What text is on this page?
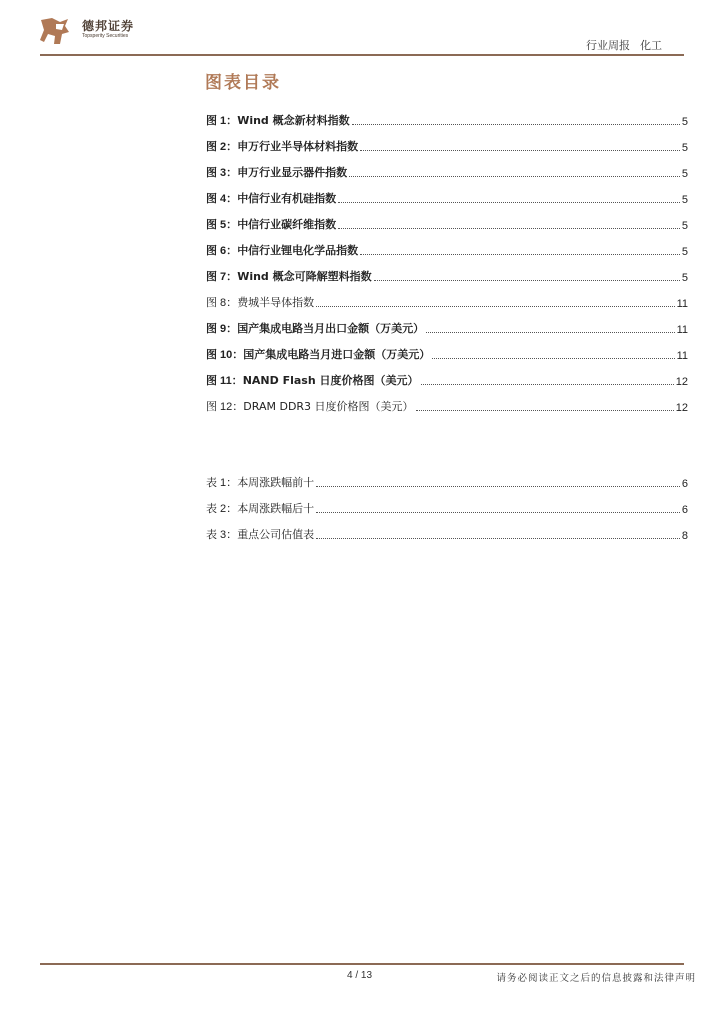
德邦证券
Topsperity Securities
行业周报 化工
图表目录
图 1： Wind 概念新材料指数	5
图 2： 申万行业半导体材料指数	5
图 3： 申万行业显示器件指数	5
图 4： 中信行业有机硅指数	5
图 5： 中信行业碳纤维指数	5
图 6： 中信行业锂电化学品指数	5
图 7： Wind 概念可降解塑料指数	5
图 8： 费城半导体指数	11
图 9： 国产集成电路当月出口金额（万美元）	11
图 10： 国产集成电路当月进口金额（万美元）	11
图 11： NAND Flash 日度价格图（美元）	12
图 12： DRAM DDR3 日度价格图（美元）	12
表 1： 本周涨跌幅前十	6
表 2： 本周涨跌幅后十	6
表 3： 重点公司估值表	8
4 / 13	请务必阅读正文之后的信息披露和法律声明
